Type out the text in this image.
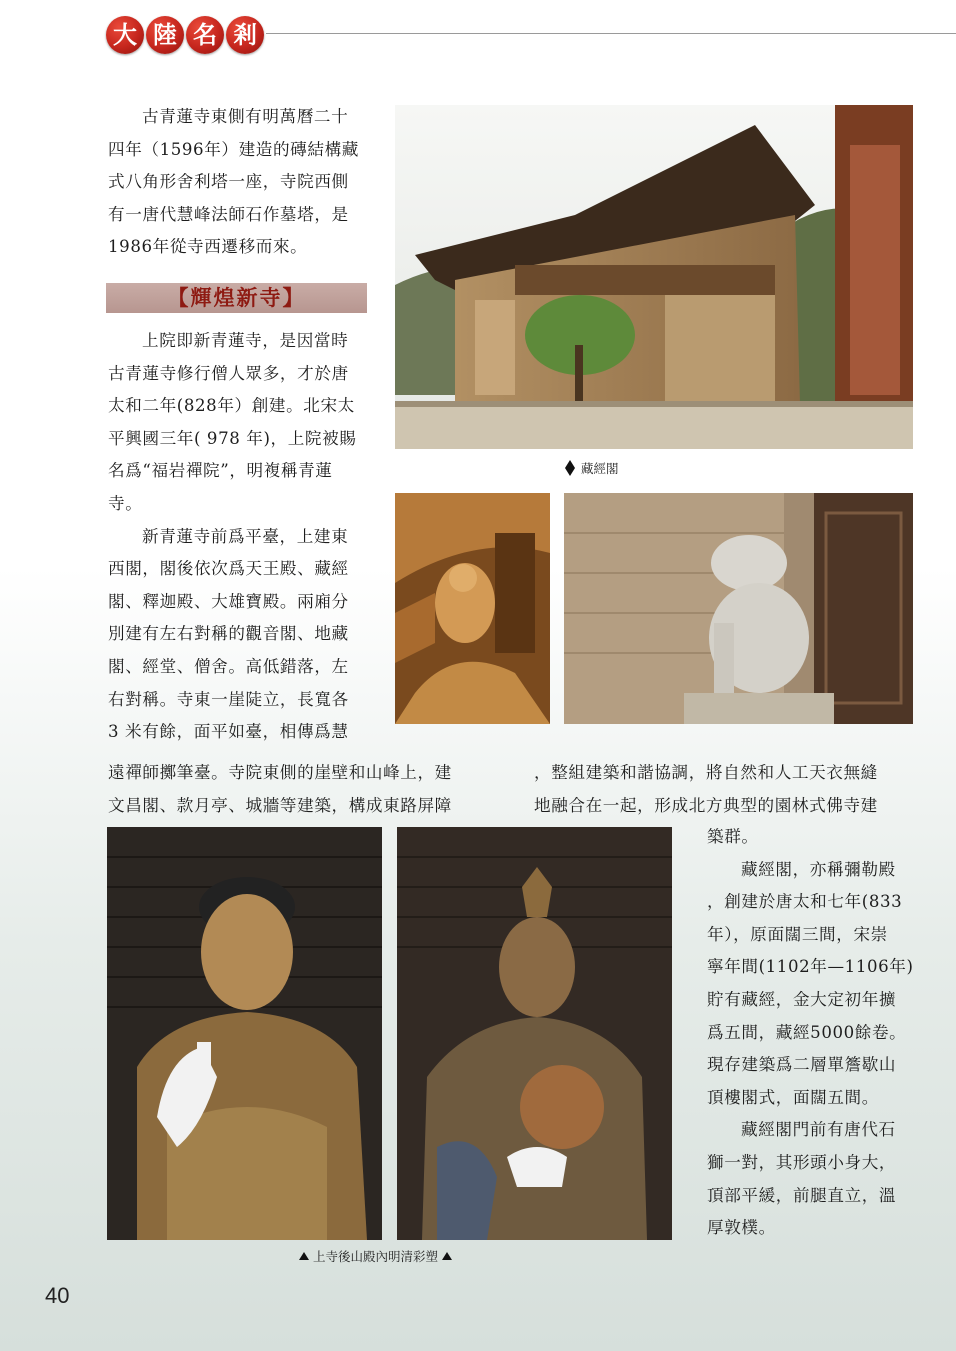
大 陸 名 剎

古青蓮寺東側有明萬曆二十

四年（1596年）建造的磚結構藏

式八角形舍利塔一座，寺院西側

有一唐代慧峰法師石作墓塔，是

1986年從寺西遷移而來。

【輝煌新寺】

上院即新青蓮寺，是因當時

古青蓮寺修行僧人眾多，才於唐

太和二年(828年）創建。北宋太

平興國三年( 978 年)，上院被賜

名爲“福岩禪院”，明複稱青蓮

寺。

新青蓮寺前爲平臺，上建東

西閣，閣後依次爲天王殿、藏經

閣、釋迦殿、大雄寶殿。兩廂分

別建有左右對稱的觀音閣、地藏

閣、經堂、僧舍。高低錯落，左

右對稱。寺東一崖陡立，長寬各

3 米有餘，面平如臺，相傳爲慧

遠禪師擲筆臺。寺院東側的崖壁和山峰上，建

文昌閣、款月亭、城牆等建築，構成東路屏障

，整組建築和諧協調，將自然和人工天衣無縫

地融合在一起，形成北方典型的園林式佛寺建

築群。

藏經閣，亦稱彌勒殿

，創建於唐太和七年(833

年），原面闊三間，宋崇

寧年間(1102年—1106年)

貯有藏經，金大定初年擴

爲五間，藏經5000餘卷。

現存建築爲二層單簷歇山

頂樓閣式，面闊五間。

藏經閣門前有唐代石

獅一對，其形頭小身大，

頂部平緩，前腿直立，溫

厚敦樸。

藏經閣
上寺後山殿內明清彩塑
40
